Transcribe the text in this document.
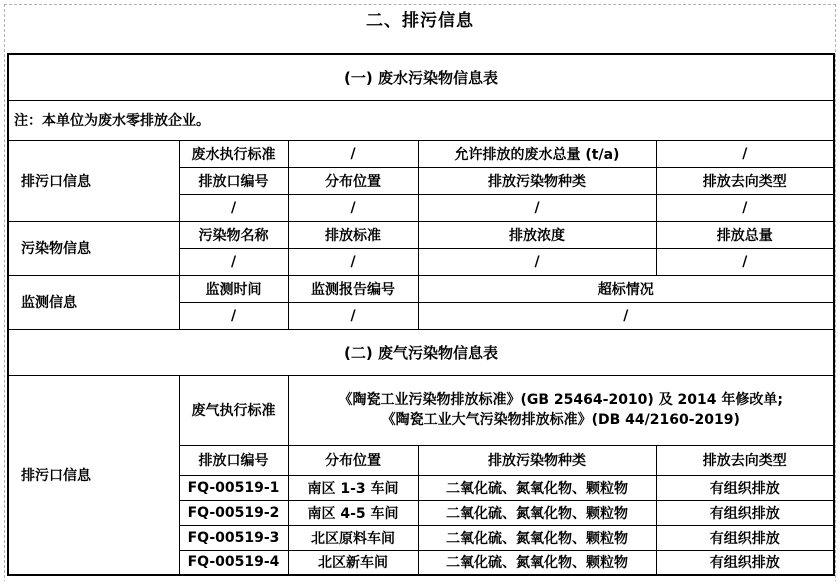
二、排污信息
(一) 废水污染物信息表				
注：本单位为废水零排放企业。				
排污口信息	废水执行标准	/	允许排放的废水总量 (t/a)	/
	排放口编号	分布位置	排放污染物种类	排放去向类型
	/	/	/	/
污染物信息	污染物名称	排放标准	排放浓度	排放总量
	/	/	/	/
监测信息	监测时间	监测报告编号	超标情况	
	/	/	/	
(二) 废气污染物信息表				
排污口信息	废气执行标准	《陶瓷工业污染物排放标准》(GB 25464-2010) 及 2014 年修改单;
《陶瓷工业大气污染物排放标准》(DB 44/2160-2019)		

	排放口编号	分布位置	排放污染物种类	排放去向类型
	FQ-00519-1	南区 1-3 车间	二氧化硫、氮氧化物、颗粒物	有组织排放
	FQ-00519-2	南区 4-5 车间	二氧化硫、氮氧化物、颗粒物	有组织排放
	FQ-00519-3	北区原料车间	二氧化硫、氮氧化物、颗粒物	有组织排放
	FQ-00519-4	北区新车间	二氧化硫、氮氧化物、颗粒物	有组织排放
